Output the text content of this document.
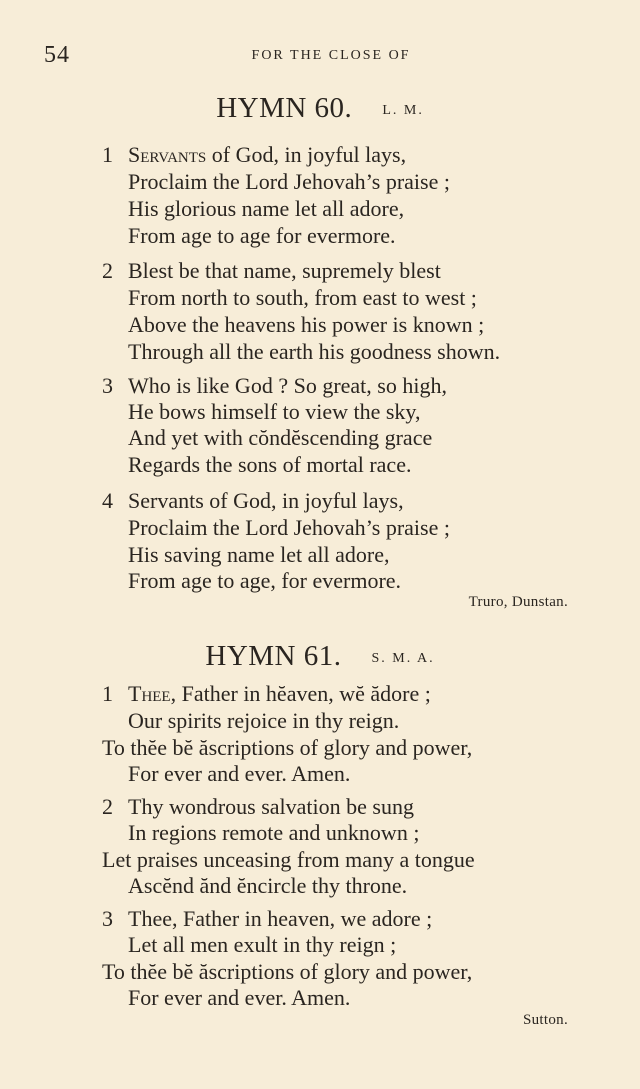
54	FOR THE CLOSE OF
HYMN 60. L. M.
1 Servants of God, in joyful lays,
Proclaim the Lord Jehovah’s praise ;
His glorious name let all adore,
From age to age for evermore.
2 Blest be that name, supremely blest
From north to south, from east to west ;
Above the heavens his power is known ;
Through all the earth his goodness shown.
3 Who is like God ? So great, so high,
He bows himself to view the sky,
And yet with cŏndĕscending grace
Regards the sons of mortal race.
4 Servants of God, in joyful lays,
Proclaim the Lord Jehovah’s praise ;
His saving name let all adore,
From age to age, for evermore.
Truro, Dunstan.
HYMN 61. S. M. A.
1 Thee, Father in hĕaven, wĕ ădore ;
Our spirits rejoice in thy reign.
To thĕe bĕ ăscriptions of glory and power,
For ever and ever. Amen.
2 Thy wondrous salvation be sung
In regions remote and unknown ;
Let praises unceasing from many a tongue
Ascĕnd ănd ĕncircle thy throne.
3 Thee, Father in heaven, we adore ;
Let all men exult in thy reign ;
To thĕe bĕ ăscriptions of glory and power,
For ever and ever. Amen.
Sutton.
